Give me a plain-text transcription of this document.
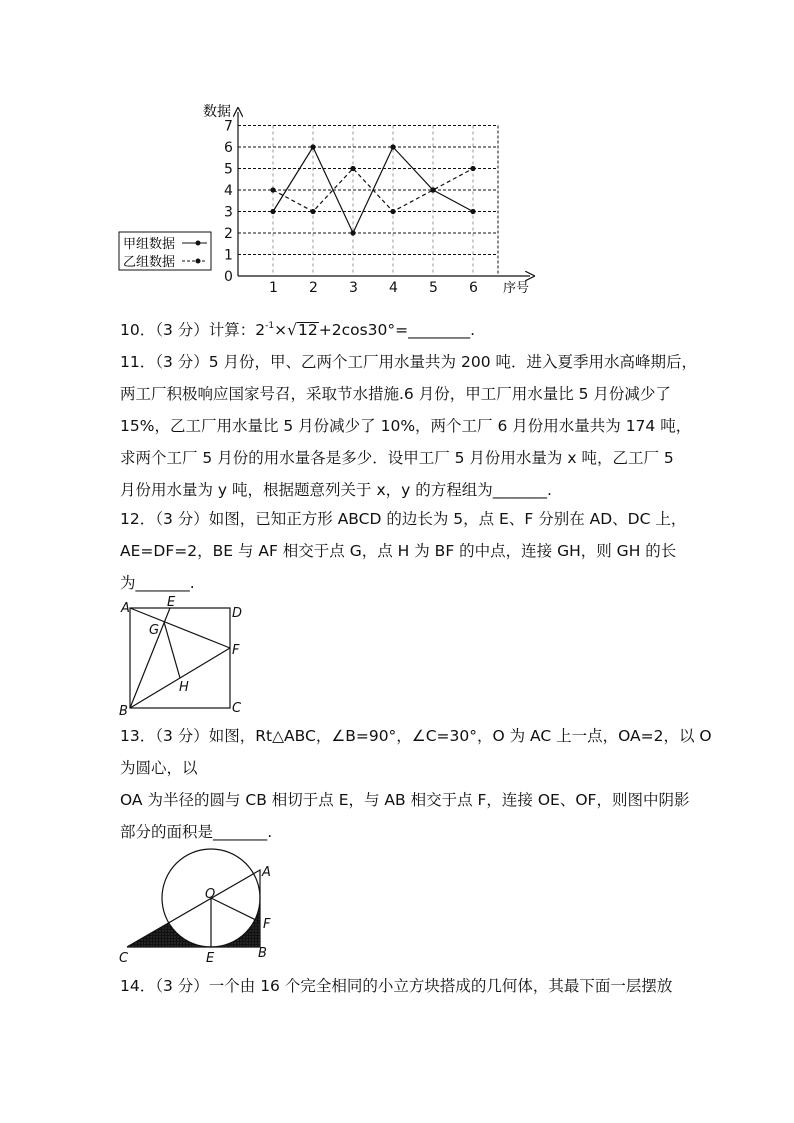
0
1
2
3
4
5
6
7
1 2 3 4 5 6
数据
序号
甲组数据
乙组数据
10．（3 分）计算：$2^{-1}\times√12+2\cos 30^\circ=\_\_\_\_\_\_\_\_$.
11．（3 分）5 月份，甲、乙两个工厂用水量共为 200 吨．进入夏季用水高峰期后，
两工厂积极响应国家号召，采取节水措施.6 月份，甲工厂用水量比 5 月份减少了
15%，乙工厂用水量比 5 月份减少了 10%，两个工厂 6 月份用水量共为 174 吨，
求两个工厂 5 月份的用水量各是多少．设甲工厂 5 月份用水量为 x 吨，乙工厂 5
月份用水量为 y 吨，根据题意列关于 x，y 的方程组为_______.
12．（3 分）如图，已知正方形 ABCD 的边长为 5，点 E、F 分别在 AD、DC 上，
AE=DF=2，BE 与 AF 相交于点 G，点 H 为 BF 的中点，连接 GH，则 GH 的长
为_______.
A	E
D
G
F
H
B	C
13．（3 分）如图，Rt△ABC，∠B=90°，∠C=30°，O 为 AC 上一点，OA=2，以 O
为圆心，以
OA 为半径的圆与 CB 相切于点 E，与 AB 相交于点 F，连接 OE、OF，则图中阴影
部分的面积是_______.
O
A
F
C	E	B
14．（3 分）一个由 16 个完全相同的小立方块搭成的几何体，其最下面一层摆放
